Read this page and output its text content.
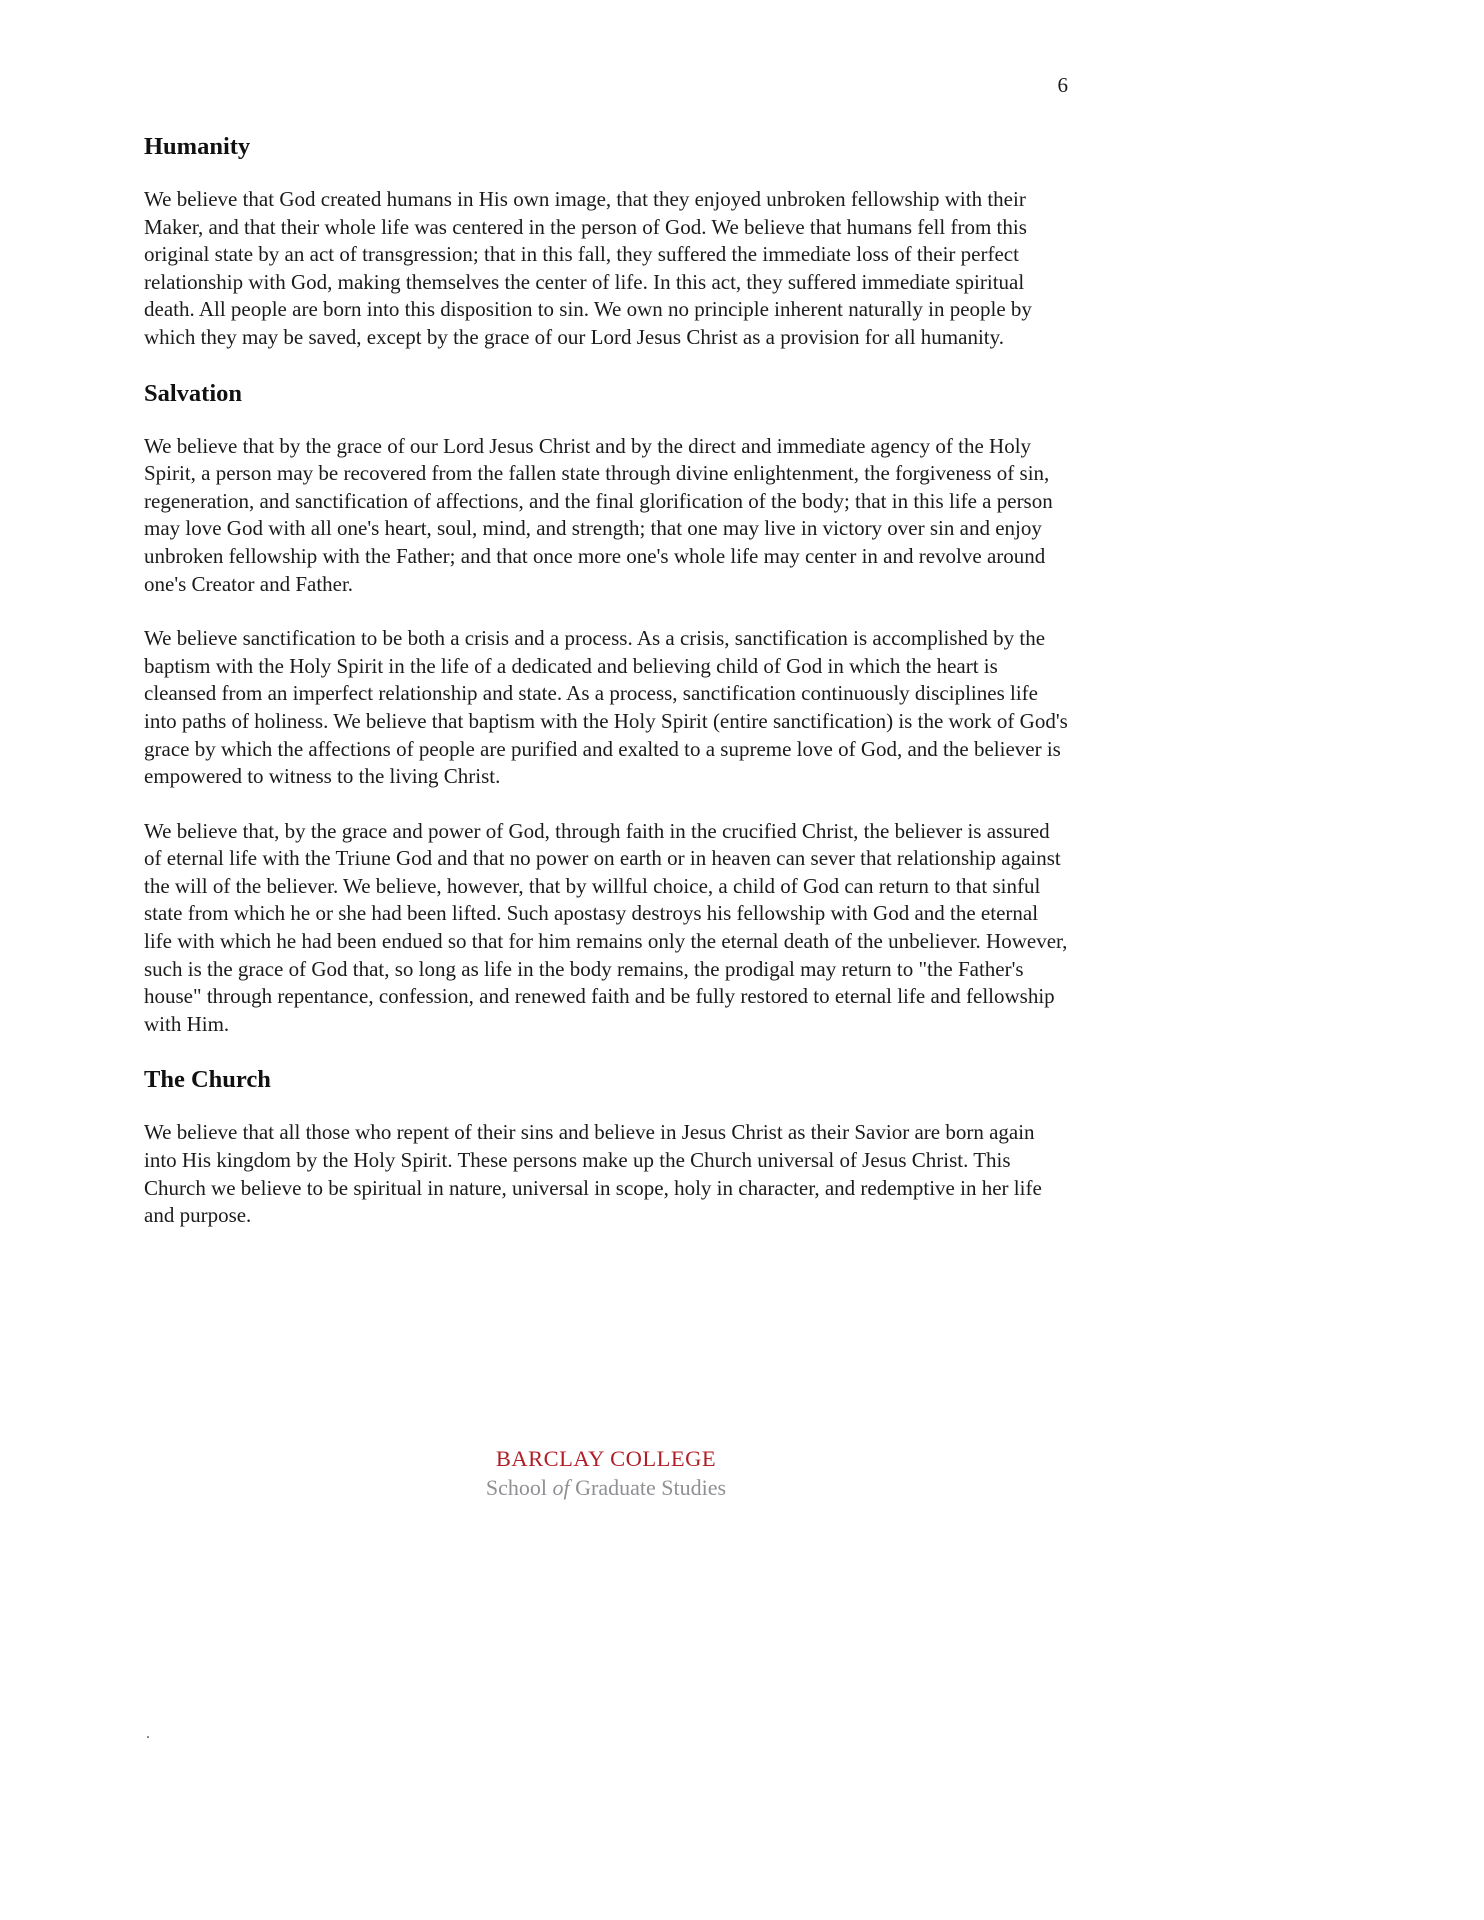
6
Humanity

We believe that God created humans in His own image, that they enjoyed unbroken fellowship with their Maker, and that their whole life was centered in the person of God. We believe that humans fell from this original state by an act of transgression; that in this fall, they suffered the immediate loss of their perfect relationship with God, making themselves the center of life. In this act, they suffered immediate spiritual death. All people are born into this disposition to sin. We own no principle inherent naturally in people by which they may be saved, except by the grace of our Lord Jesus Christ as a provision for all humanity.

Salvation

We believe that by the grace of our Lord Jesus Christ and by the direct and immediate agency of the Holy Spirit, a person may be recovered from the fallen state through divine enlightenment, the forgiveness of sin, regeneration, and sanctification of affections, and the final glorification of the body; that in this life a person may love God with all one's heart, soul, mind, and strength; that one may live in victory over sin and enjoy unbroken fellowship with the Father; and that once more one's whole life may center in and revolve around one's Creator and Father.

We believe sanctification to be both a crisis and a process. As a crisis, sanctification is accomplished by the baptism with the Holy Spirit in the life of a dedicated and believing child of God in which the heart is cleansed from an imperfect relationship and state. As a process, sanctification continuously disciplines life into paths of holiness. We believe that baptism with the Holy Spirit (entire sanctification) is the work of God's grace by which the affections of people are purified and exalted to a supreme love of God, and the believer is empowered to witness to the living Christ.

We believe that, by the grace and power of God, through faith in the crucified Christ, the believer is assured of eternal life with the Triune God and that no power on earth or in heaven can sever that relationship against the will of the believer. We believe, however, that by willful choice, a child of God can return to that sinful state from which he or she had been lifted. Such apostasy destroys his fellowship with God and the eternal life with which he had been endued so that for him remains only the eternal death of the unbeliever. However, such is the grace of God that, so long as life in the body remains, the prodigal may return to "the Father's house" through repentance, confession, and renewed faith and be fully restored to eternal life and fellowship with Him.

The Church

We believe that all those who repent of their sins and believe in Jesus Christ as their Savior are born again into His kingdom by the Holy Spirit. These persons make up the Church universal of Jesus Christ. This Church we believe to be spiritual in nature, universal in scope, holy in character, and redemptive in her life and purpose.

.
BARCLAY COLLEGE
School of Graduate Studies
